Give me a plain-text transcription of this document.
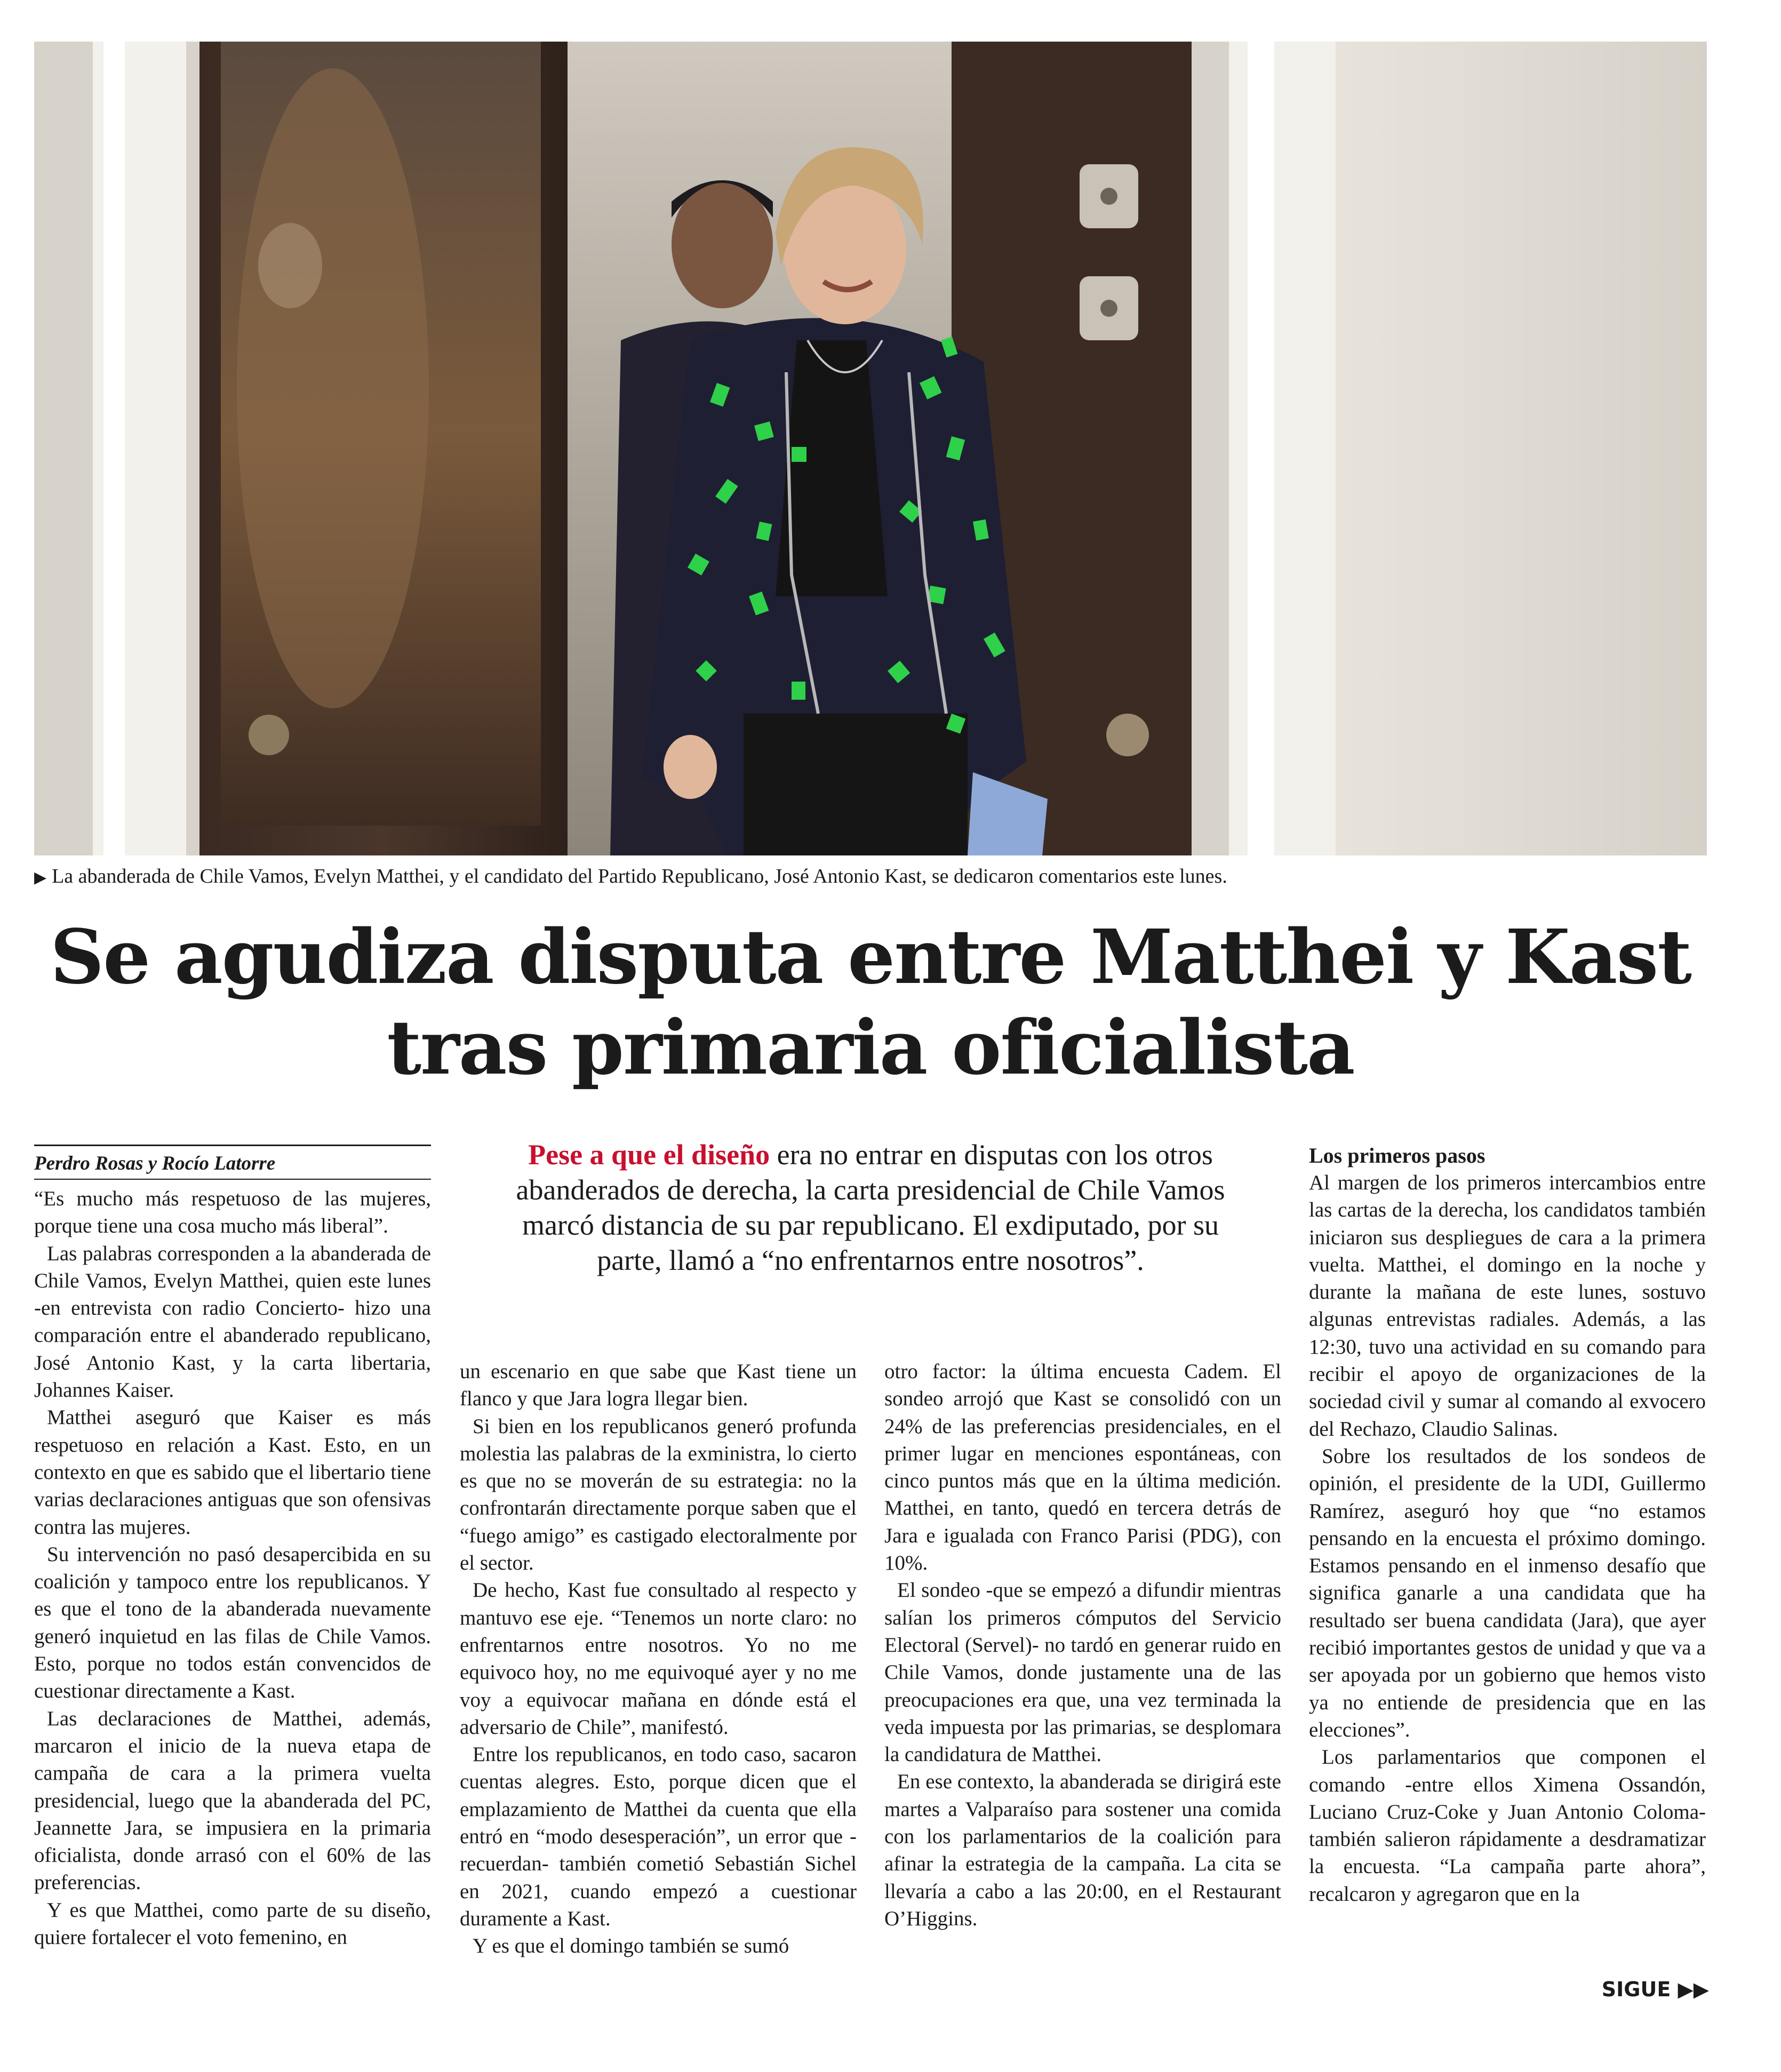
▶ La abanderada de Chile Vamos, Evelyn Matthei, y el candidato del Partido Republicano, José Antonio Kast, se dedicaron comentarios este lunes.
Se agudiza disputa entre Matthei y Kast tras primaria oficialista
Perdro Rosas y Rocío Latorre	Pese a que el diseño era no entrar en disputas con los otros abanderados de derecha, la carta presidencial de Chile Vamos marcó distancia de su par republicano. El exdiputado, por su parte, llamó a “no enfrentarnos entre nosotros”.

“Es mucho más respetuoso de las mujeres, porque tiene una cosa mucho más liberal”.

Las palabras corresponden a la abanderada de Chile Vamos, Evelyn Matthei, quien este lunes -en entrevista con radio Concierto- hizo una comparación entre el abanderado republicano, José Antonio Kast, y la carta libertaria, Johannes Kaiser.

Matthei aseguró que Kaiser es más respetuoso en relación a Kast. Esto, en un contexto en que es sabido que el libertario tiene varias declaraciones antiguas que son ofensivas contra las mujeres.

Su intervención no pasó desapercibida en su coalición y tampoco entre los republicanos. Y es que el tono de la abanderada nuevamente generó inquietud en las filas de Chile Vamos. Esto, porque no todos están convencidos de cuestionar directamente a Kast.

Las declaraciones de Matthei, además, marcaron el inicio de la nueva etapa de campaña de cara a la primera vuelta presidencial, luego que la abanderada del PC, Jeannette Jara, se impusiera en la primaria oficialista, donde arrasó con el 60% de las preferencias.

Y es que Matthei, como parte de su diseño, quiere fortalecer el voto femenino, en

un escenario en que sabe que Kast tiene un flanco y que Jara logra llegar bien.

Si bien en los republicanos generó profunda molestia las palabras de la exministra, lo cierto es que no se moverán de su estrategia: no la confrontarán directamente porque saben que el “fuego amigo” es castigado electoralmente por el sector.

De hecho, Kast fue consultado al respecto y mantuvo ese eje. “Tenemos un norte claro: no enfrentarnos entre nosotros. Yo no me equivoco hoy, no me equivoqué ayer y no me voy a equivocar mañana en dónde está el adversario de Chile”, manifestó.

Entre los republicanos, en todo caso, sacaron cuentas alegres. Esto, porque dicen que el emplazamiento de Matthei da cuenta que ella entró en “modo desesperación”, un error que -recuerdan- también cometió Sebastián Sichel en 2021, cuando empezó a cuestionar duramente a Kast.

Y es que el domingo también se sumó

otro factor: la última encuesta Cadem. El sondeo arrojó que Kast se consolidó con un 24% de las preferencias presidenciales, en el primer lugar en menciones espontáneas, con cinco puntos más que en la última medición. Matthei, en tanto, quedó en tercera detrás de Jara e igualada con Franco Parisi (PDG), con 10%.

El sondeo -que se empezó a difundir mientras salían los primeros cómputos del Servicio Electoral (Servel)- no tardó en generar ruido en Chile Vamos, donde justamente una de las preocupaciones era que, una vez terminada la veda impuesta por las primarias, se desplomara la candidatura de Matthei.

En ese contexto, la abanderada se dirigirá este martes a Valparaíso para sostener una comida con los parlamentarios de la coalición para afinar la estrategia de la campaña. La cita se llevaría a cabo a las 20:00, en el Restaurant O’Higgins.

Los primeros pasos

Al margen de los primeros intercambios entre las cartas de la derecha, los candidatos también iniciaron sus despliegues de cara a la primera vuelta. Matthei, el domingo en la noche y durante la mañana de este lunes, sostuvo algunas entrevistas radiales. Además, a las 12:30, tuvo una actividad en su comando para recibir el apoyo de organizaciones de la sociedad civil y sumar al comando al exvocero del Rechazo, Claudio Salinas.

Sobre los resultados de los sondeos de opinión, el presidente de la UDI, Guillermo Ramírez, aseguró hoy que “no estamos pensando en la encuesta el próximo domingo. Estamos pensando en el inmenso desafío que significa ganarle a una candidata que ha resultado ser buena candidata (Jara), que ayer recibió importantes gestos de unidad y que va a ser apoyada por un gobierno que hemos visto ya no entiende de presidencia que en las elecciones”.

Los parlamentarios que componen el comando -entre ellos Ximena Ossandón, Luciano Cruz-Coke y Juan Antonio Coloma- también salieron rápidamente a desdramatizar la encuesta. “La campaña parte ahora”, recalcaron y agregaron que en la

SIGUE ▶▶
